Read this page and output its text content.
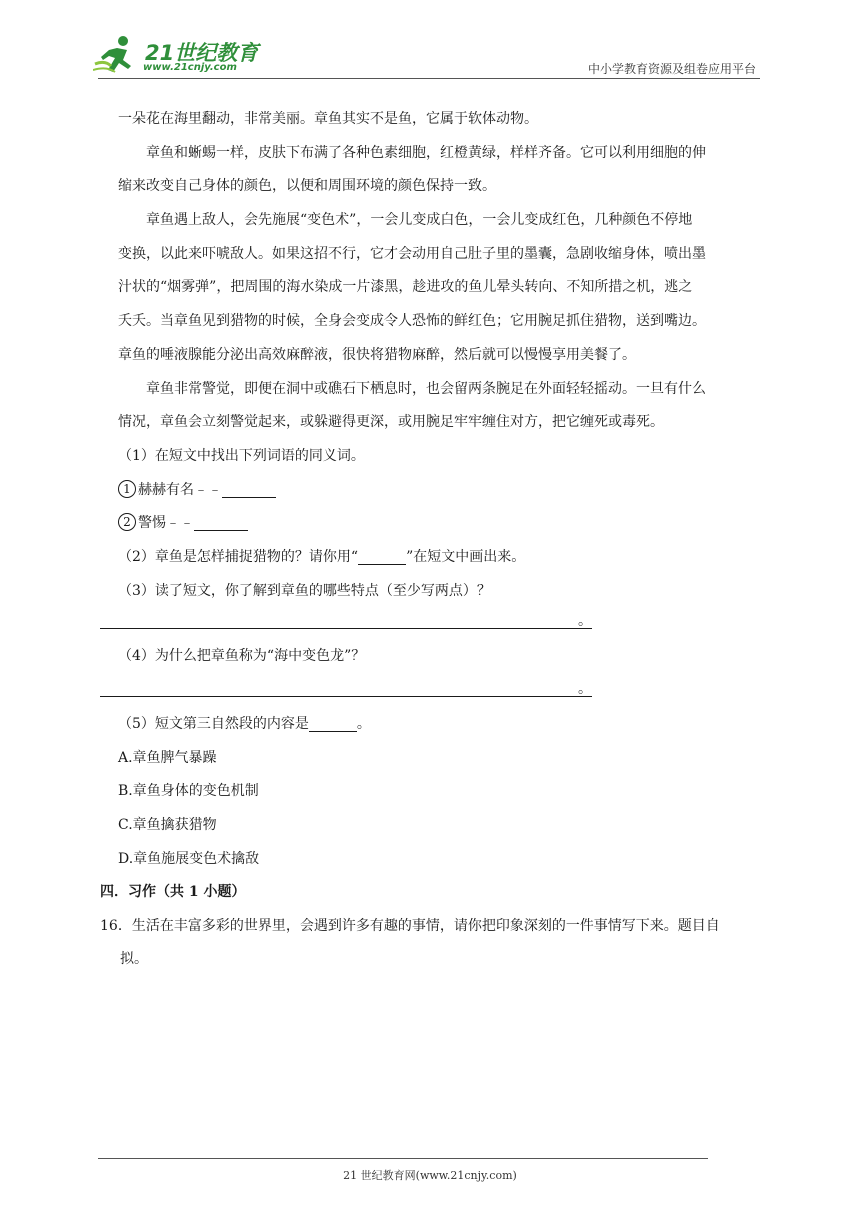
21世纪教育
www.21cnjy.com	中小学教育资源及组卷应用平台
一朵花在海里翻动，非常美丽。章鱼其实不是鱼，它属于软体动物。
章鱼和蜥蜴一样，皮肤下布满了各种色素细胞，红橙黄绿，样样齐备。它可以利用细胞的伸
缩来改变自己身体的颜色，以便和周围环境的颜色保持一致。
章鱼遇上敌人，会先施展“变色术”，一会儿变成白色，一会儿变成红色，几种颜色不停地
变换，以此来吓唬敌人。如果这招不行，它才会动用自己肚子里的墨囊，急剧收缩身体，喷出墨
汁状的“烟雾弹”，把周围的海水染成一片漆黑，趁进攻的鱼儿晕头转向、不知所措之机，逃之
夭夭。当章鱼见到猎物的时候，全身会变成令人恐怖的鲜红色；它用腕足抓住猎物，送到嘴边。
章鱼的唾液腺能分泌出高效麻醉液，很快将猎物麻醉，然后就可以慢慢享用美餐了。
章鱼非常警觉，即便在洞中或礁石下栖息时，也会留两条腕足在外面轻轻摇动。一旦有什么
情况，章鱼会立刻警觉起来，或躲避得更深，或用腕足牢牢缠住对方，把它缠死或毒死。
（1）在短文中找出下列词语的同义词。
1 赫赫有名﹣﹣
2 警惕﹣﹣
（2）章鱼是怎样捕捉猎物的？请你用“	”在短文中画出来。
（3）读了短文，你了解到章鱼的哪些特点（至少写两点）？
。
（4）为什么把章鱼称为“海中变色龙”？
。
（5）短文第三自然段的内容是	。
A.章鱼脾气暴躁
B.章鱼身体的变色机制
C.章鱼擒获猎物
D.章鱼施展变色术擒敌
四．习作（共 1 小题）
16．生活在丰富多彩的世界里，会遇到许多有趣的事情，请你把印象深刻的一件事情写下来。题目自
拟。
21 世纪教育网(www.21cnjy.com)
